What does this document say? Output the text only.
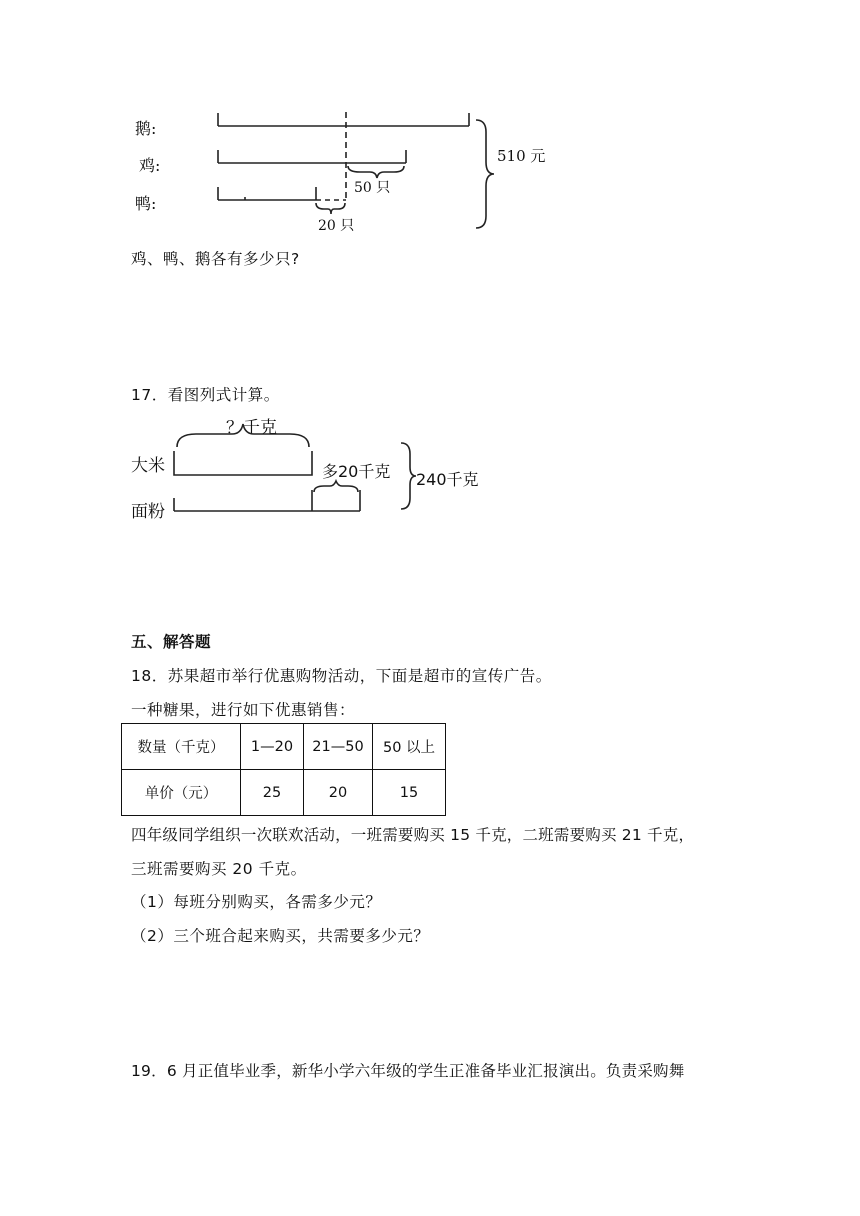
鹅:
鸡:
鸭:
50 只
20 只
510 元
鸡、鸭、鹅各有多少只?
17．看图列式计算。
？千克
大米
面粉
多20千克 240千克
五、解答题
18．苏果超市举行优惠购物活动，下面是超市的宣传广告。
一种糖果，进行如下优惠销售：
数量（千克）	1—20	21—50	50 以上
单价（元）	25	20	15
四年级同学组织一次联欢活动，一班需要购买 15 千克，二班需要购买 21 千克，
三班需要购买 20 千克。
（1）每班分别购买，各需多少元？
（2）三个班合起来购买，共需要多少元？
19．6 月正值毕业季，新华小学六年级的学生正准备毕业汇报演出。负责采购舞
